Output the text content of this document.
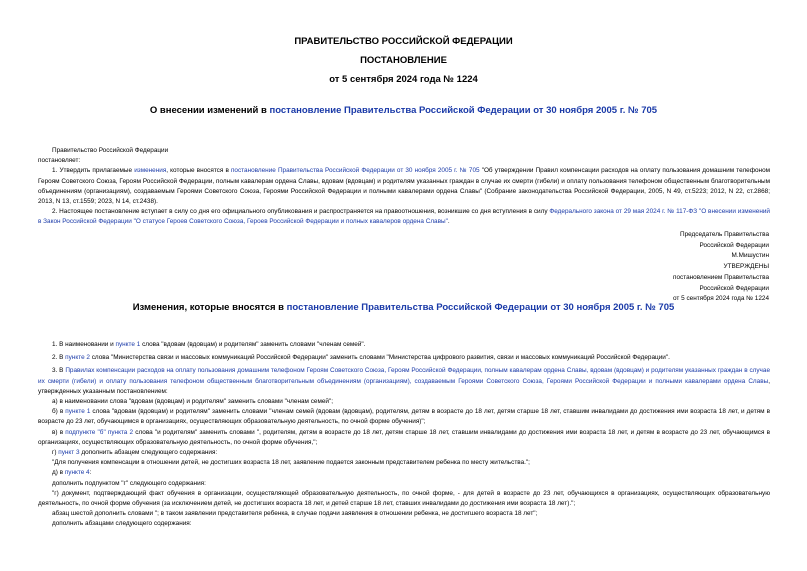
ПРАВИТЕЛЬСТВО РОССИЙСКОЙ ФЕДЕРАЦИИ
ПОСТАНОВЛЕНИЕ
от 5 сентября 2024 года № 1224
О внесении изменений в постановление Правительства Российской Федерации от 30 ноября 2005 г. № 705

Правительство Российской Федерации

постановляет:

1. Утвердить прилагаемые изменения, которые вносятся в постановление Правительства Российской Федерации от 30 ноября 2005 г. № 705 "Об утверждении Правил компенсации расходов на оплату пользования домашним телефоном Героям Советского Союза, Героям Российской Федерации, полным кавалерам ордена Славы, вдовам (вдовцам) и родителям указанных граждан в случае их смерти (гибели) и оплату пользования телефоном общественным благотворительным объединениям (организациям), создаваемым Героями Советского Союза, Героями Российской Федерации и полными кавалерами ордена Славы" (Собрание законодательства Российской Федерации, 2005, N 49, ст.5223; 2012, N 22, ст.2868; 2013, N 13, ст.1559; 2023, N 14, ст.2438).

2. Настоящее постановление вступает в силу со дня его официального опубликования и распространяется на правоотношения, возникшие со дня вступления в силу Федерального закона от 29 мая 2024 г. № 117-ФЗ "О внесении изменений в Закон Российской Федерации "О статусе Героев Советского Союза, Героев Российской Федерации и полных кавалеров ордена Славы".

Председатель Правительства
Российской Федерации
М.Мишустин
УТВЕРЖДЕНЫ
постановлением Правительства
Российской Федерации
от 5 сентября 2024 года № 1224
Изменения, которые вносятся в постановление Правительства Российской Федерации от 30 ноября 2005 г. № 705

1. В наименовании и пункте 1 слова "вдовам (вдовцам) и родителям" заменить словами "членам семей".

2. В пункте 2 слова "Министерства связи и массовых коммуникаций Российской Федерации" заменить словами "Министерства цифрового развития, связи и массовых коммуникаций Российской Федерации".

3. В Правилах компенсации расходов на оплату пользования домашним телефоном Героям Советского Союза, Героям Российской Федерации, полным кавалерам ордена Славы, вдовам (вдовцам) и родителям указанных граждан в случае их смерти (гибели) и оплату пользования телефоном общественным благотворительным объединениям (организациям), создаваемым Героями Советского Союза, Героями Российской Федерации и полными кавалерами ордена Славы, утвержденных указанным постановлением:

а) в наименовании слова "вдовам (вдовцам) и родителям" заменить словами "членам семей";

б) в пункте 1 слова "вдовам (вдовцам) и родителям" заменить словами "членам семей (вдовам (вдовцам), родителям, детям в возрасте до 18 лет, детям старше 18 лет, ставшим инвалидами до достижения ими возраста 18 лет, и детям в возрасте до 23 лет, обучающимся в организациях, осуществляющих образовательную деятельность, по очной форме обучения)";

в) в подпункте "б" пункта 2 слова "и родителям" заменить словами ", родителям, детям в возрасте до 18 лет, детям старше 18 лет, ставшим инвалидами до достижения ими возраста 18 лет, и детям в возрасте до 23 лет, обучающимся в организациях, осуществляющих образовательную деятельность, по очной форме обучения,";

г) пункт 3 дополнить абзацем следующего содержания:

"Для получения компенсации в отношении детей, не достигших возраста 18 лет, заявление подается законным представителем ребенка по месту жительства.";

д) в пункте 4:

дополнить подпунктом "г" следующего содержания:

"г) документ, подтверждающий факт обучения в организации, осуществляющей образовательную деятельность, по очной форме, - для детей в возрасте до 23 лет, обучающихся в организациях, осуществляющих образовательную деятельность, по очной форме обучения (за исключением детей, не достигших возраста 18 лет, и детей старше 18 лет, ставших инвалидами до достижения ими возраста 18 лет).";

абзац шестой дополнить словами "; в таком заявлении представителя ребенка, в случае подачи заявления в отношении ребенка, не достигшего возраста 18 лет";

дополнить абзацами следующего содержания:
